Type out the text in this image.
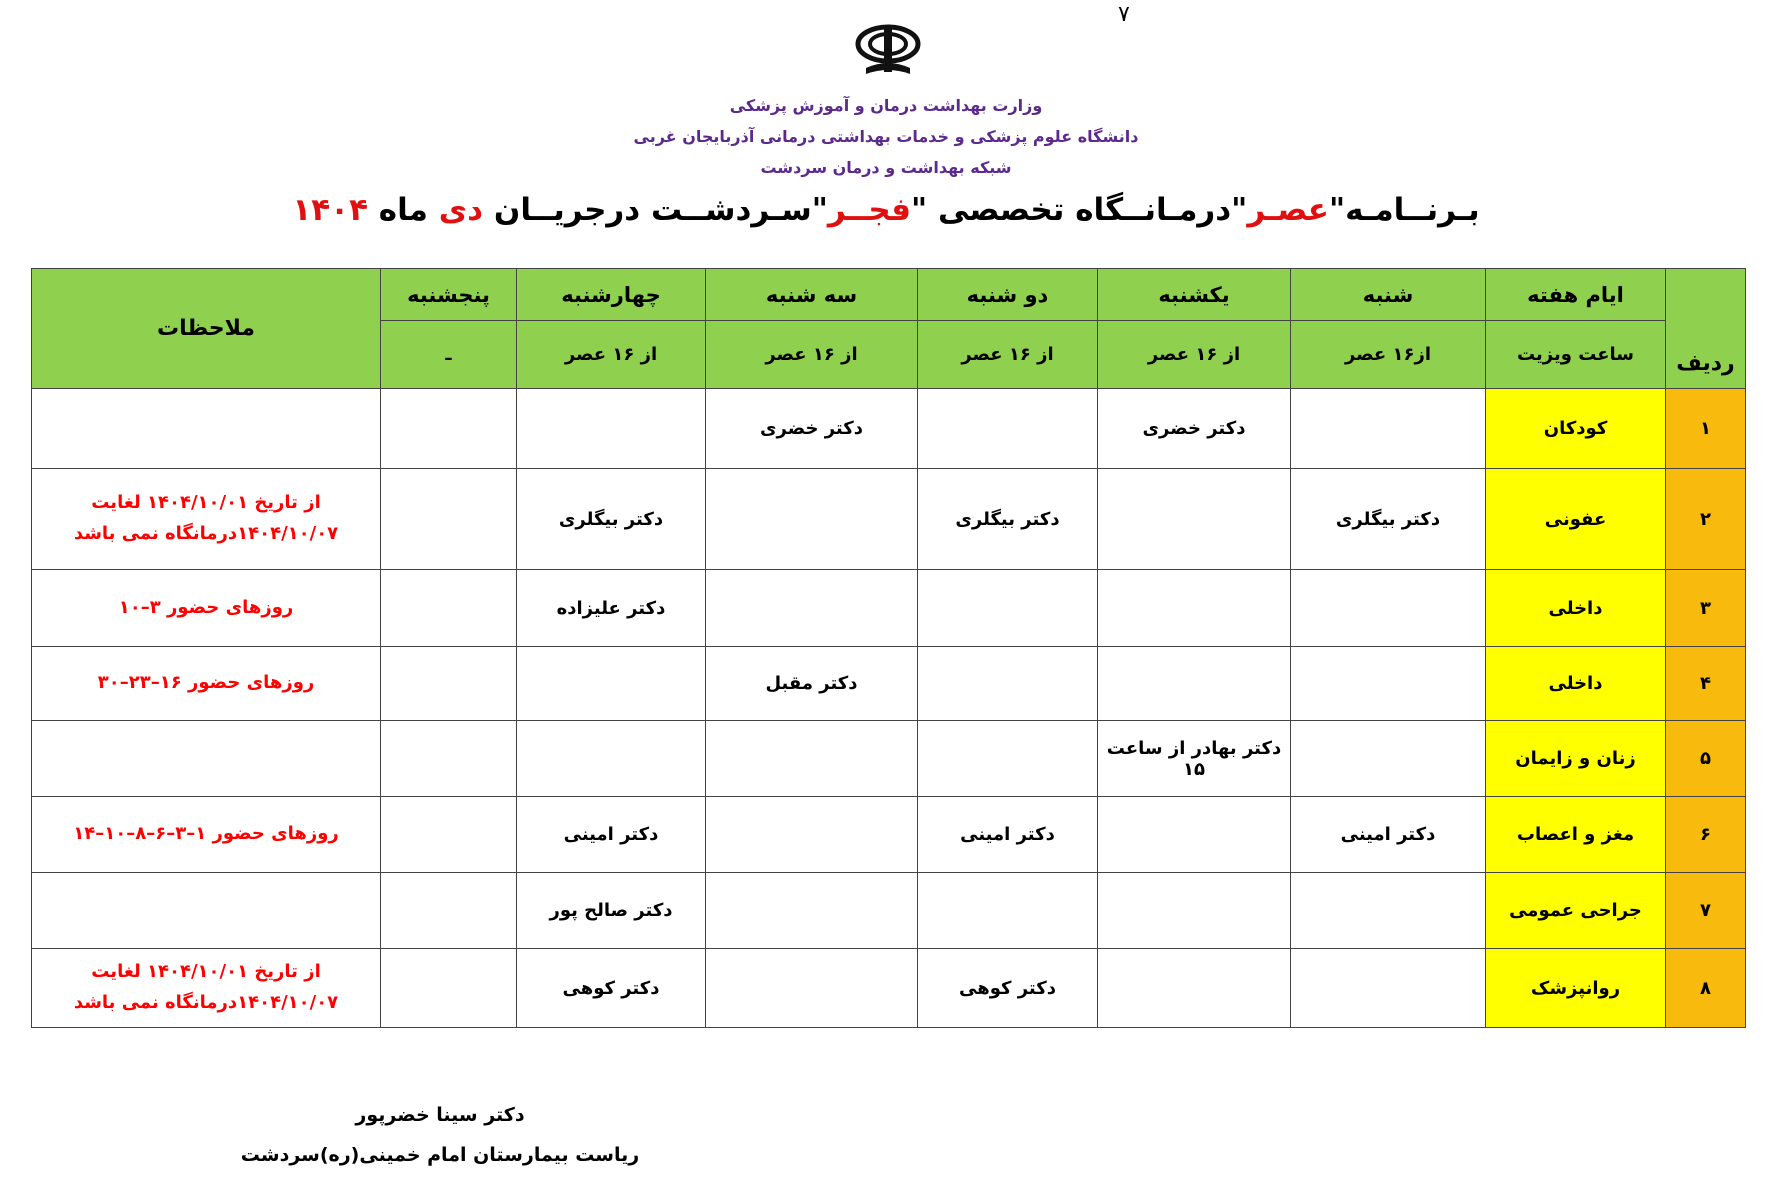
۷
وزارت بهداشت درمان و آموزش پزشکی
دانشگاه علوم پزشکی و خدمات بهداشتی درمانی آذربایجان غربی
شبکه بهداشت و درمان سردشت
بـرنــامـه"عصـر"درمـانــگاه تخصصی "فجــر"سـردشــت درجریــان دی ماه ۱۴۰۴
ردیف	ایام هفته	شنبه	یکشنبه	دو شنبه	سه شنبه	چهارشنبه	پنجشنبه	ملاحظات
	ساعت ویزیت	از۱۶ عصر	از ۱۶ عصر	از ۱۶ عصر	از ۱۶ عصر	از ۱۶ عصر	ـ	
۱	کودکان		دکتر خضری		دکتر خضری			

۲	عفونی	دکتر بیگلری		دکتر بیگلری		دکتر بیگلری		از تاریخ ۱۴۰۴/۱۰/۰۱ لغایت
۱۴۰۴/۱۰/۰۷درمانگاه نمی باشد

۳	داخلی					دکتر علیزاده		روزهای حضور ۳–۱۰

۴	داخلی				دکتر مقبل			روزهای حضور ۱۶–۲۳–۳۰

۵	زنان و زایمان		دکتر بهادر از ساعت ۱۵					

۶	مغز و اعصاب	دکتر امینی		دکتر امینی		دکتر امینی		روزهای حضور ۱–۳–۶–۸–۱۰–۱۴

۷	جراحی عمومی					دکتر صالح پور		

۸	روانپزشک			دکتر کوهی		دکتر کوهی		از تاریخ ۱۴۰۴/۱۰/۰۱ لغایت
۱۴۰۴/۱۰/۰۷درمانگاه نمی باشد
دکتر سینا خضرپور
ریاست بیمارستان امام خمینی(ره)سردشت
